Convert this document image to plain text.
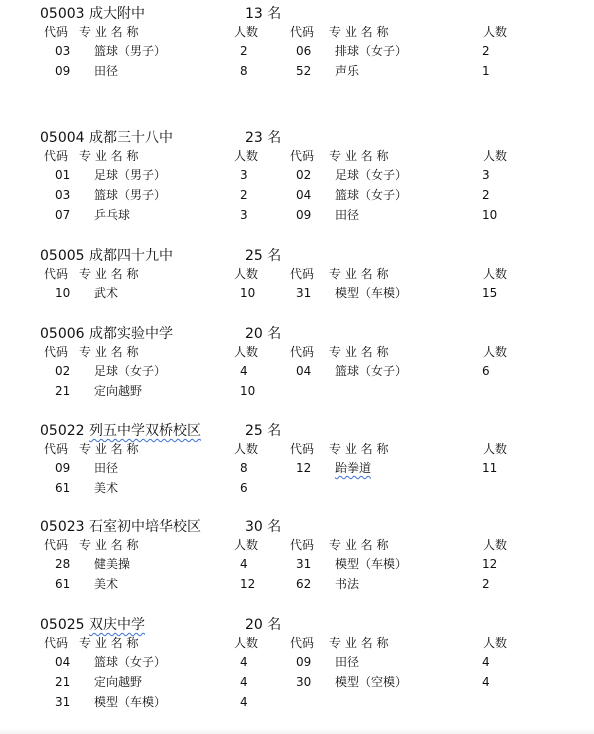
05003 成大附中	13 名
代码 专 业 名 称	人数	代码 专 业 名 称	人数
03 篮球（男子）	2	06 排球（女子）	2
09 田径	8	52 声乐	1
05004 成都三十八中	23 名
代码 专 业 名 称	人数	代码 专 业 名 称	人数
01 足球（男子）	3	02 足球（女子）	3
03 篮球（男子）	2	04 篮球（女子）	2
07 乒乓球	3	09 田径	10
05005 成都四十九中	25 名
代码 专 业 名 称	人数	代码 专 业 名 称	人数
10 武术	10	31 模型（车模）	15
05006 成都实验中学	20 名
代码 专 业 名 称	人数	代码 专 业 名 称	人数
02 足球（女子）	4	04 篮球（女子）	6
21 定向越野	10
05022 列五中学双桥校区	25 名
代码 专 业 名 称	人数	代码 专 业 名 称	人数
09 田径	8	12 跆拳道	11
61 美术	6
05023 石室初中培华校区	30 名
代码 专 业 名 称	人数	代码 专 业 名 称	人数
28 健美操	4	31 模型（车模）	12
61 美术	12	62 书法	2
05025 双庆中学	20 名
代码 专 业 名 称	人数	代码 专 业 名 称	人数
04 篮球（女子）	4	09 田径	4
21 定向越野	4	30 模型（空模）	4
31 模型（车模）	4
